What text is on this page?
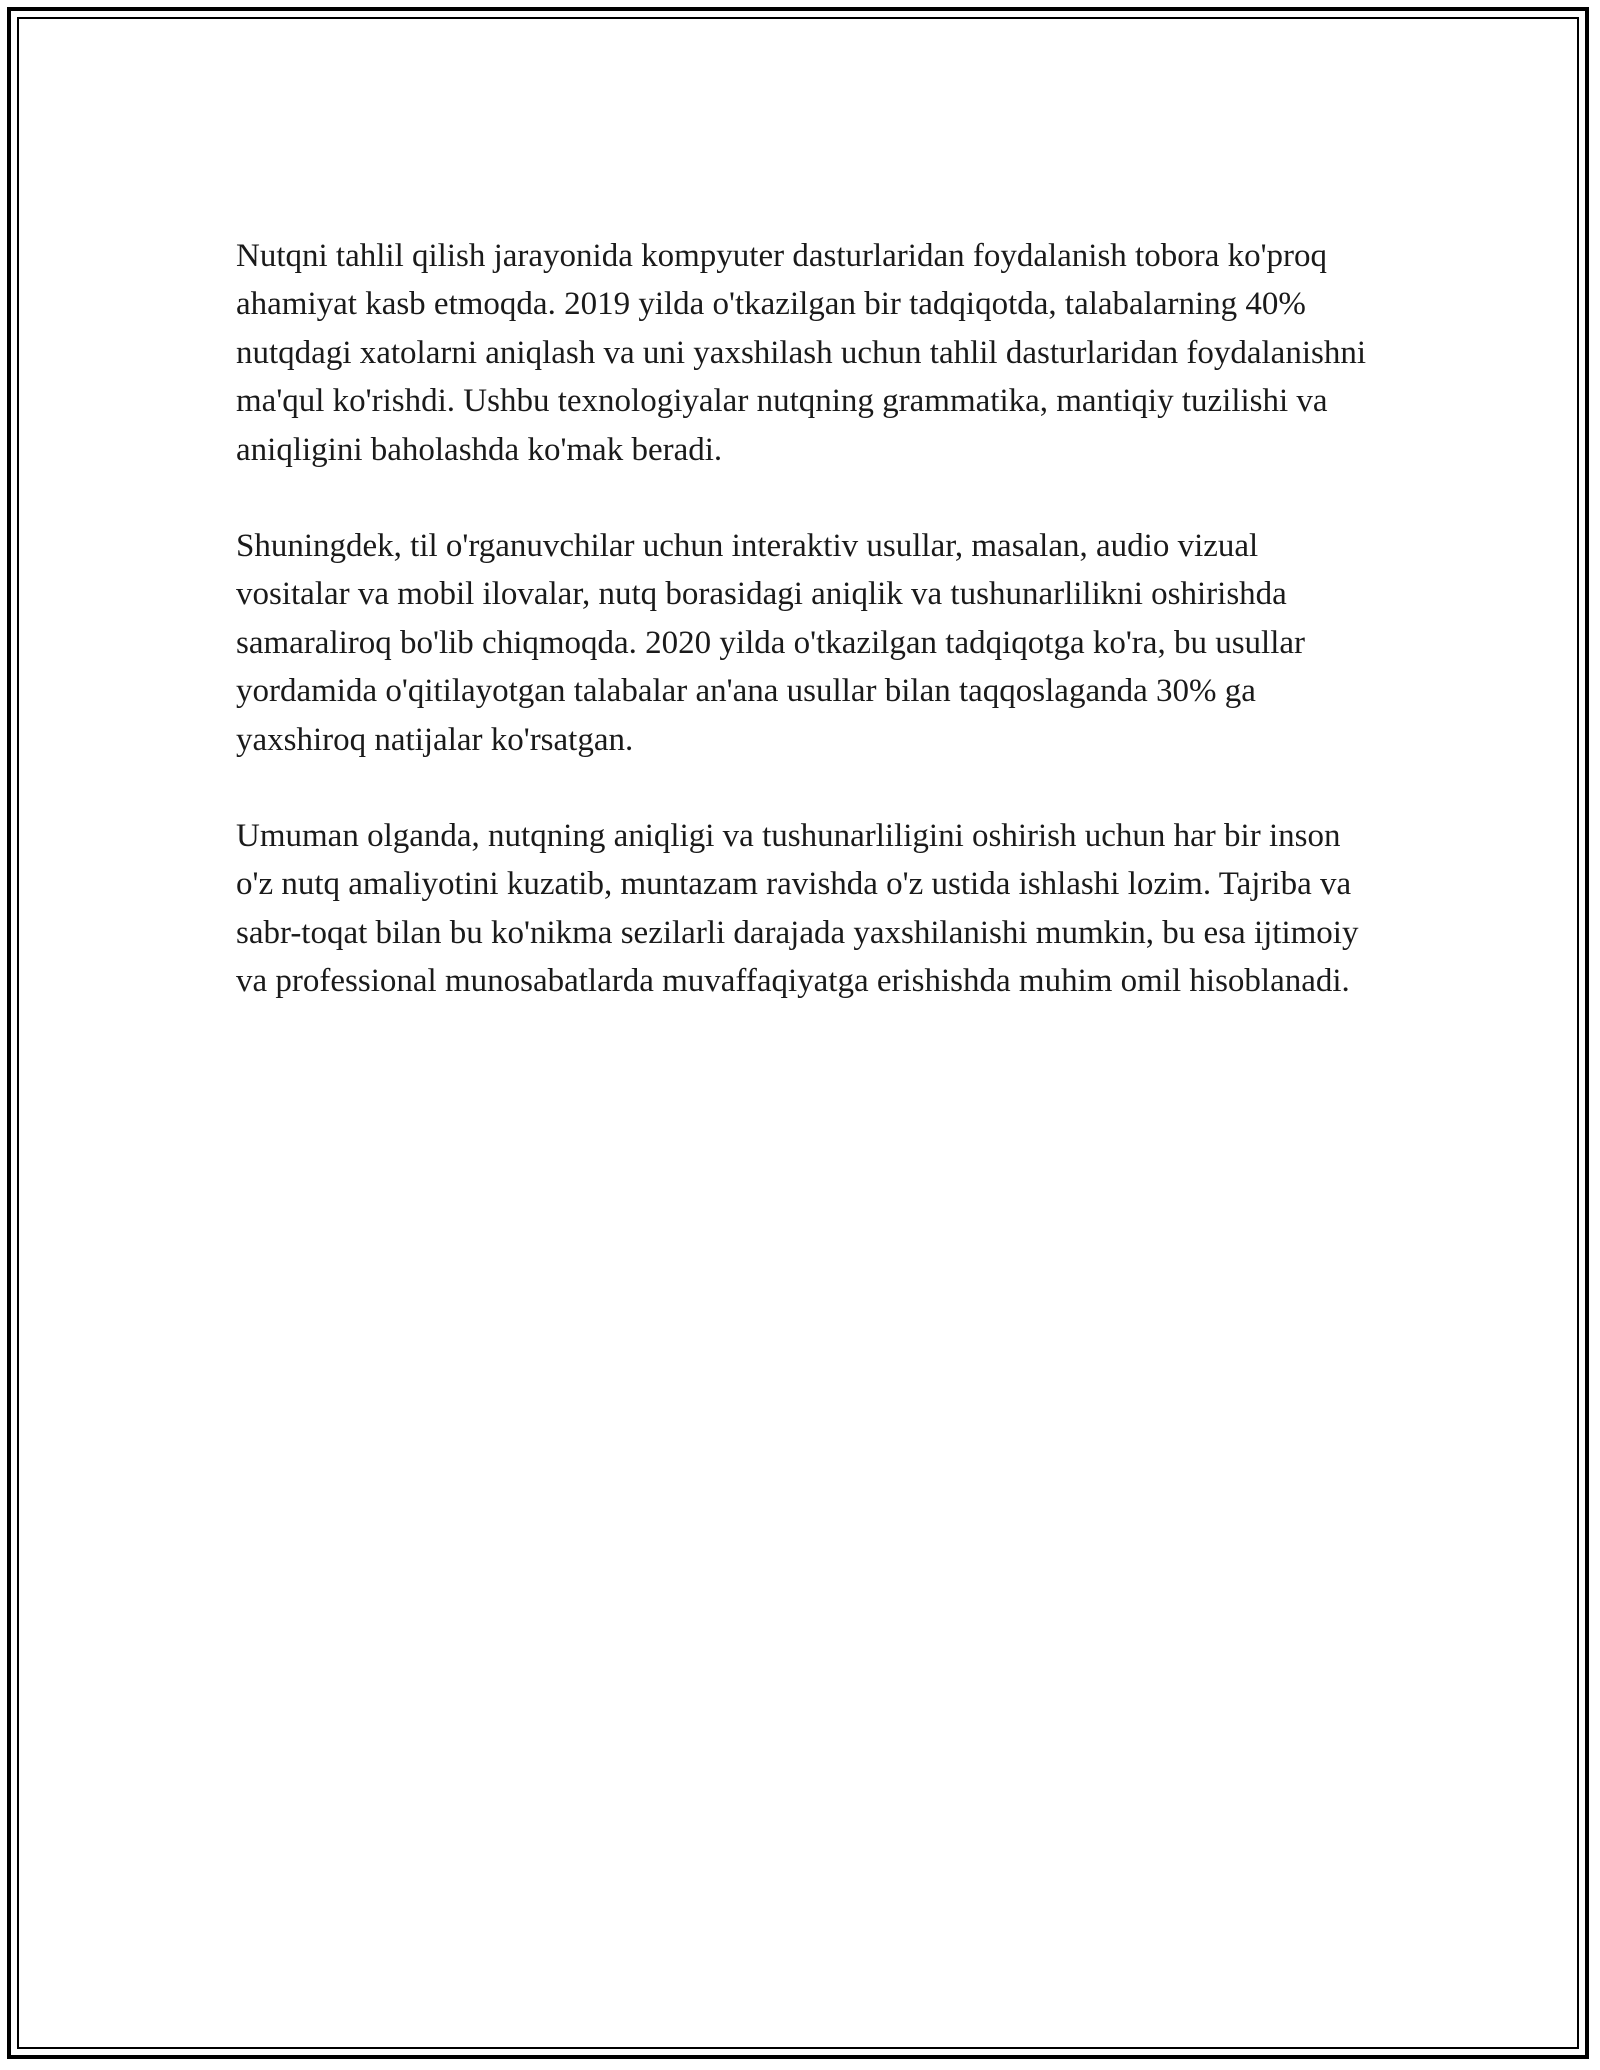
Nutqni tahlil qilish jarayonida kompyuter dasturlaridan foydalanish tobora ko'proq ahamiyat kasb etmoqda. 2019 yilda o'tkazilgan bir tadqiqotda, talabalarning 40% nutqdagi xatolarni aniqlash va uni yaxshilash uchun tahlil dasturlaridan foydalanishni ma'qul ko'rishdi. Ushbu texnologiyalar nutqning grammatika, mantiqiy tuzilishi va aniqligini baholashda ko'mak beradi.

Shuningdek, til o'rganuvchilar uchun interaktiv usullar, masalan, audio vizual vositalar va mobil ilovalar, nutq borasidagi aniqlik va tushunarlilikni oshirishda samaraliroq bo'lib chiqmoqda. 2020 yilda o'tkazilgan tadqiqotga ko'ra, bu usullar yordamida o'qitilayotgan talabalar an'ana usullar bilan taqqoslaganda 30% ga yaxshiroq natijalar ko'rsatgan.

Umuman olganda, nutqning aniqligi va tushunarliligini oshirish uchun har bir inson o'z nutq amaliyotini kuzatib, muntazam ravishda o'z ustida ishlashi lozim. Tajriba va sabr-toqat bilan bu ko'nikma sezilarli darajada yaxshilanishi mumkin, bu esa ijtimoiy va professional munosabatlarda muvaffaqiyatga erishishda muhim omil hisoblanadi.
